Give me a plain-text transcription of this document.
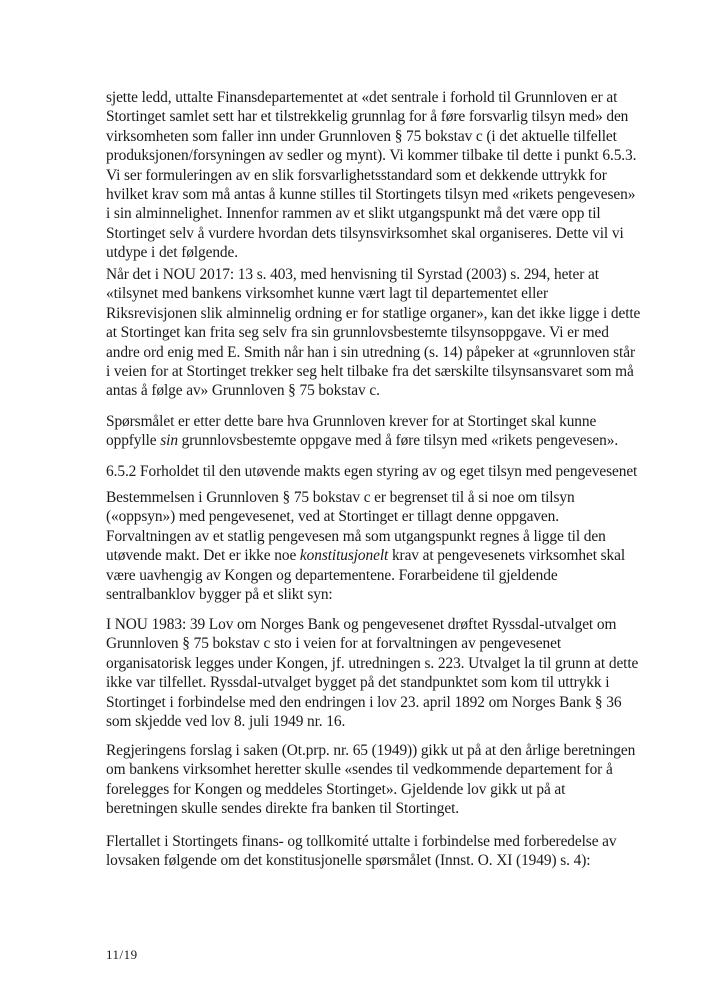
sjette ledd, uttalte Finansdepartementet at «det sentrale i forhold til Grunnloven er at
Stortinget samlet sett har et tilstrekkelig grunnlag for å føre forsvarlig tilsyn med» den
virksomheten som faller inn under Grunnloven § 75 bokstav c (i det aktuelle tilfellet
produksjonen/forsyningen av sedler og mynt). Vi kommer tilbake til dette i punkt 6.5.3.
Vi ser formuleringen av en slik forsvarlighetsstandard som et dekkende uttrykk for
hvilket krav som må antas å kunne stilles til Stortingets tilsyn med «rikets pengevesen»
i sin alminnelighet. Innenfor rammen av et slikt utgangspunkt må det være opp til
Stortinget selv å vurdere hvordan dets tilsynsvirksomhet skal organiseres. Dette vil vi
utdype i det følgende.
Når det i NOU 2017: 13 s. 403, med henvisning til Syrstad (2003) s. 294, heter at
«tilsynet med bankens virksomhet kunne vært lagt til departementet eller
Riksrevisjonen slik alminnelig ordning er for statlige organer», kan det ikke ligge i dette
at Stortinget kan frita seg selv fra sin grunnlovsbestemte tilsynsoppgave. Vi er med
andre ord enig med E. Smith når han i sin utredning (s. 14) påpeker at «grunnloven står
i veien for at Stortinget trekker seg helt tilbake fra det særskilte tilsynsansvaret som må
antas å følge av» Grunnloven § 75 bokstav c.
Spørsmålet er etter dette bare hva Grunnloven krever for at Stortinget skal kunne
oppfylle sin grunnlovsbestemte oppgave med å føre tilsyn med «rikets pengevesen».
6.5.2 Forholdet til den utøvende makts egen styring av og eget tilsyn med pengevesenet
Bestemmelsen i Grunnloven § 75 bokstav c er begrenset til å si noe om tilsyn
(«oppsyn») med pengevesenet, ved at Stortinget er tillagt denne oppgaven.
Forvaltningen av et statlig pengevesen må som utgangspunkt regnes å ligge til den
utøvende makt. Det er ikke noe konstitusjonelt krav at pengevesenets virksomhet skal
være uavhengig av Kongen og departementene. Forarbeidene til gjeldende
sentralbanklov bygger på et slikt syn:
I NOU 1983: 39 Lov om Norges Bank og pengevesenet drøftet Ryssdal-utvalget om
Grunnloven § 75 bokstav c sto i veien for at forvaltningen av pengevesenet
organisatorisk legges under Kongen, jf. utredningen s. 223. Utvalget la til grunn at dette
ikke var tilfellet. Ryssdal-utvalget bygget på det standpunktet som kom til uttrykk i
Stortinget i forbindelse med den endringen i lov 23. april 1892 om Norges Bank § 36
som skjedde ved lov 8. juli 1949 nr. 16.
Regjeringens forslag i saken (Ot.prp. nr. 65 (1949)) gikk ut på at den årlige beretningen
om bankens virksomhet heretter skulle «sendes til vedkommende departement for å
forelegges for Kongen og meddeles Stortinget». Gjeldende lov gikk ut på at
beretningen skulle sendes direkte fra banken til Stortinget.
Flertallet i Stortingets finans- og tollkomité uttalte i forbindelse med forberedelse av
lovsaken følgende om det konstitusjonelle spørsmålet (Innst. O. XI (1949) s. 4):
11/19
